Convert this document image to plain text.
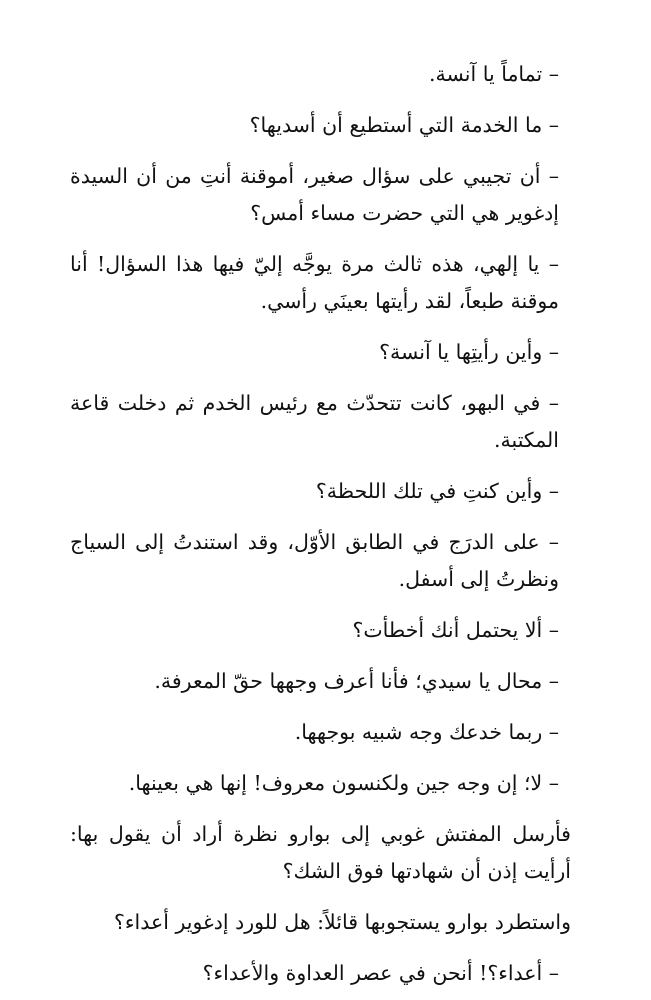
– تماماً يا آنسة.

– ما الخدمة التي أستطيع أن أسديها؟

– أن تجيبي على سؤال صغير، أموقنة أنتِ من أن السيدة إدغوير هي التي حضرت مساء أمس؟

– يا إلهي، هذه ثالث مرة يوجَّه إليّ فيها هذا السؤال! أنا موقنة طبعاً، لقد رأيتها بعينَي رأسي.

– وأين رأيتِها يا آنسة؟

– في البهو، كانت تتحدّث مع رئيس الخدم ثم دخلت قاعة المكتبة.

– وأين كنتِ في تلك اللحظة؟

– على الدرَج في الطابق الأوّل، وقد استندتُ إلى السياج ونظرتُ إلى أسفل.

– ألا يحتمل أنك أخطأت؟

– محال يا سيدي؛ فأنا أعرف وجهها حقّ المعرفة.

– ربما خدعك وجه شبيه بوجهها.

– لا؛ إن وجه جين ولكنسون معروف! إنها هي بعينها.

فأرسل المفتش غوبي إلى بوارو نظرة أراد أن يقول بها: أرأيت إذن أن شهادتها فوق الشك؟

واستطرد بوارو يستجوبها قائلاً: هل للورد إدغوير أعداء؟

– أعداء؟! أنحن في عصر العداوة والأعداء؟
